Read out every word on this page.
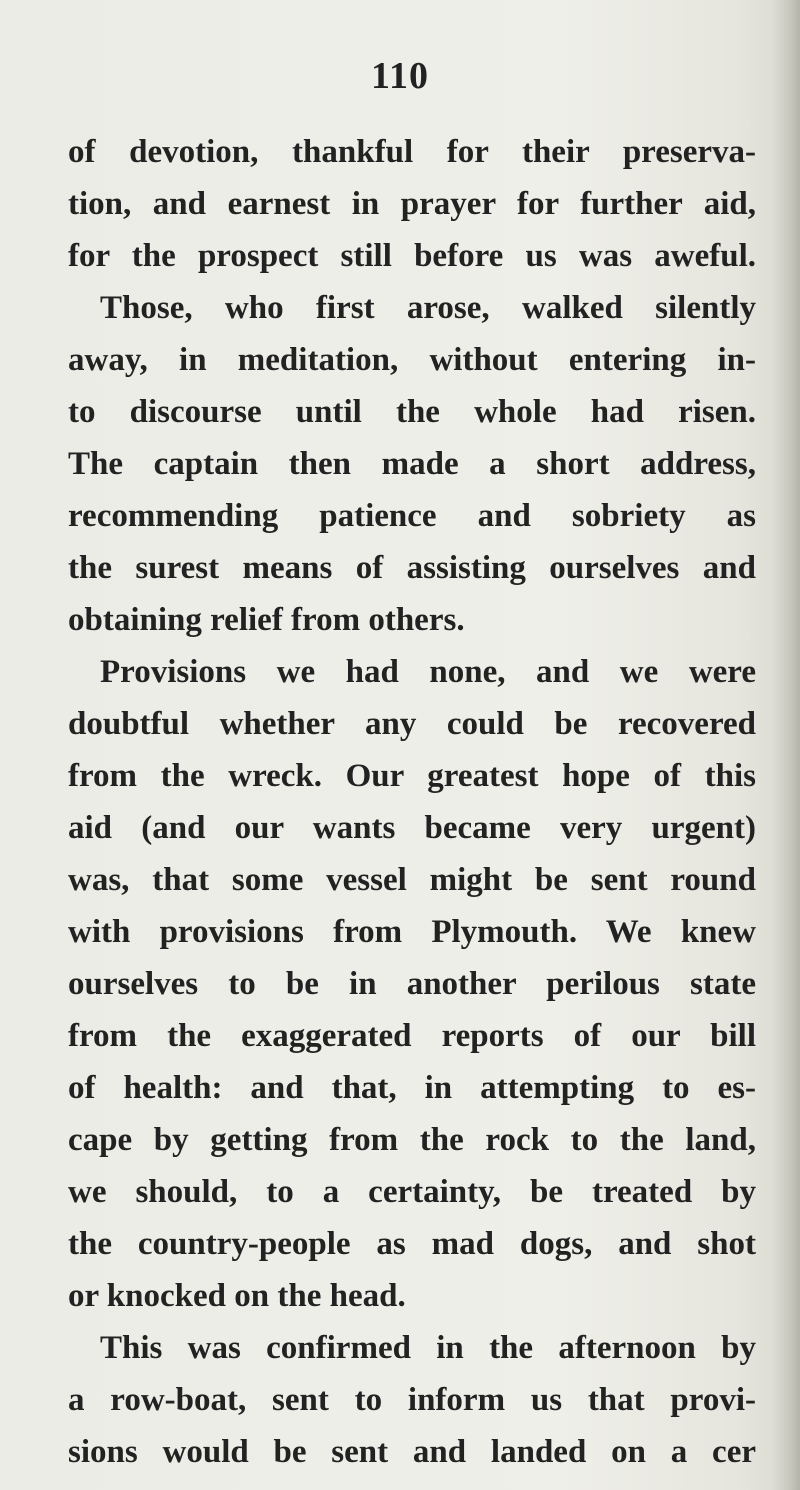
110
of devotion, thankful for their preserva-
tion, and earnest in prayer for further aid,
for the prospect still before us was aweful.
Those, who first arose, walked silently
away, in meditation, without entering in-
to discourse until the whole had risen.
The captain then made a short address,
recommending patience and sobriety as
the surest means of assisting ourselves and
obtaining relief from others.
Provisions we had none, and we were
doubtful whether any could be recovered
from the wreck. Our greatest hope of this
aid (and our wants became very urgent)
was, that some vessel might be sent round
with provisions from Plymouth. We knew
ourselves to be in another perilous state
from the exaggerated reports of our bill
of health: and that, in attempting to es-
cape by getting from the rock to the land,
we should, to a certainty, be treated by
the country-people as mad dogs, and shot
or knocked on the head.
This was confirmed in the afternoon by
a row-boat, sent to inform us that provi-
sions would be sent and landed on a cer
